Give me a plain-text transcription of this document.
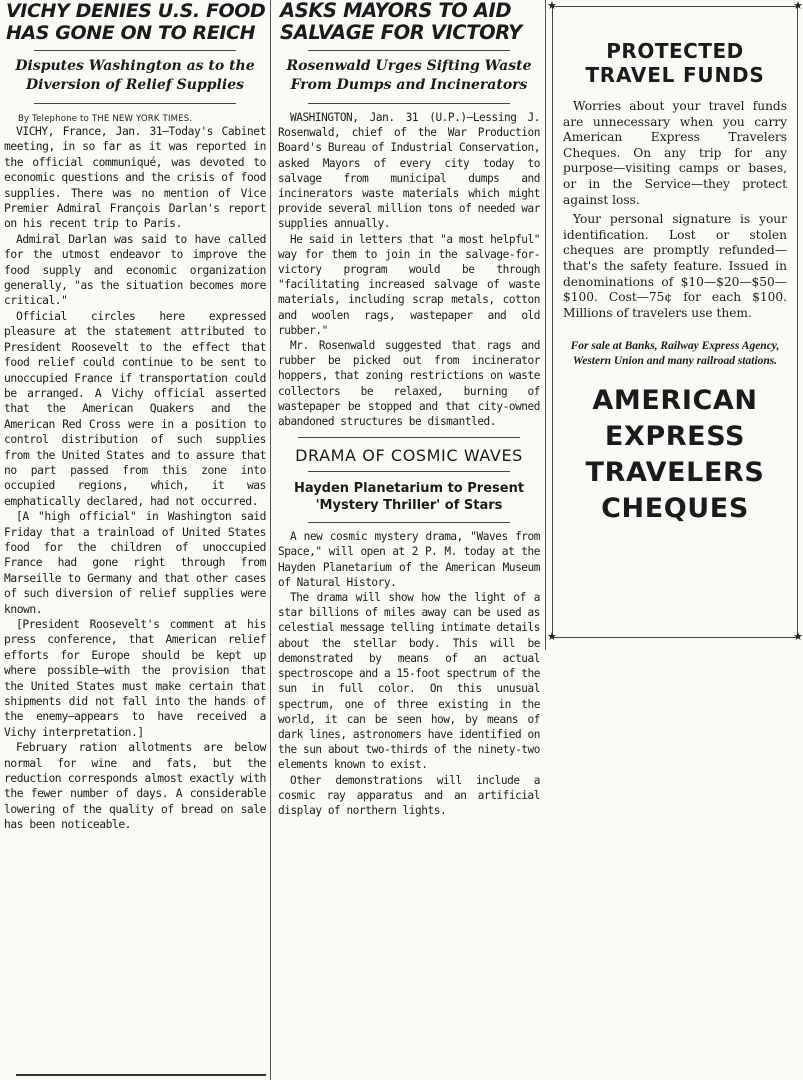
VICHY DENIES U.S. FOOD
HAS GONE ON TO REICH
Disputes Washington as to the
Diversion of Relief Supplies
By Telephone to THE NEW YORK TIMES.

VICHY, France, Jan. 31—Today's Cabinet meeting, in so far as it was reported in the official communiqué, was devoted to economic questions and the crisis of food supplies. There was no mention of Vice Premier Admiral François Darlan's report on his recent trip to Paris.

Admiral Darlan was said to have called for the utmost endeavor to improve the food supply and economic organization generally, "as the situation becomes more critical."

Official circles here expressed pleasure at the statement attributed to President Roosevelt to the effect that food relief could continue to be sent to unoccupied France if transportation could be arranged. A Vichy official asserted that the American Quakers and the American Red Cross were in a position to control distribution of such supplies from the United States and to assure that no part passed from this zone into occupied regions, which, it was emphatically declared, had not occurred.

[A "high official" in Washington said Friday that a trainload of United States food for the children of unoccupied France had gone right through from Marseille to Germany and that other cases of such diversion of relief supplies were known.

[President Roosevelt's comment at his press conference, that American relief efforts for Europe should be kept up where possible—with the provision that the United States must make certain that shipments did not fall into the hands of the enemy—appears to have received a Vichy interpretation.]

February ration allotments are below normal for wine and fats, but the reduction corresponds almost exactly with the fewer number of days. A considerable lowering of the quality of bread on sale has been noticeable.

ASKS MAYORS TO AID
SALVAGE FOR VICTORY
Rosenwald Urges Sifting Waste
From Dumps and Incinerators

WASHINGTON, Jan. 31 (U.P.)—Lessing J. Rosenwald, chief of the War Production Board's Bureau of Industrial Conservation, asked Mayors of every city today to salvage from municipal dumps and incinerators waste materials which might provide several million tons of needed war supplies annually.

He said in letters that "a most helpful" way for them to join in the salvage-for-victory program would be through "facilitating increased salvage of waste materials, including scrap metals, cotton and woolen rags, wastepaper and old rubber."

Mr. Rosenwald suggested that rags and rubber be picked out from incinerator hoppers, that zoning restrictions on waste collectors be relaxed, burning of wastepaper be stopped and that city-owned abandoned structures be dismantled.

DRAMA OF COSMIC WAVES
Hayden Planetarium to Present
'Mystery Thriller' of Stars

A new cosmic mystery drama, "Waves from Space," will open at 2 P. M. today at the Hayden Planetarium of the American Museum of Natural History.

The drama will show how the light of a star billions of miles away can be used as celestial message telling intimate details about the stellar body. This will be demonstrated by means of an actual spectroscope and a 15-foot spectrum of the sun in full color. On this unusual spectrum, one of three existing in the world, it can be seen how, by means of dark lines, astronomers have identified on the sun about two-thirds of the ninety-two elements known to exist.

Other demonstrations will include a cosmic ray apparatus and an artificial display of northern lights.

★	★
★	★
PROTECTED
TRAVEL FUNDS

Worries about your travel funds are unnecessary when you carry American Express Travelers Cheques. On any trip for any purpose—visiting camps or bases, or in the Service—they protect against loss.

Your personal signature is your identification. Lost or stolen cheques are promptly refunded—that's the safety feature. Issued in denominations of $10—$20—$50—$100. Cost—75¢ for each $100. Millions of travelers use them.

For sale at Banks, Railway Express Agency, Western Union and many railroad stations.
AMERICAN
EXPRESS
TRAVELERS
CHEQUES
